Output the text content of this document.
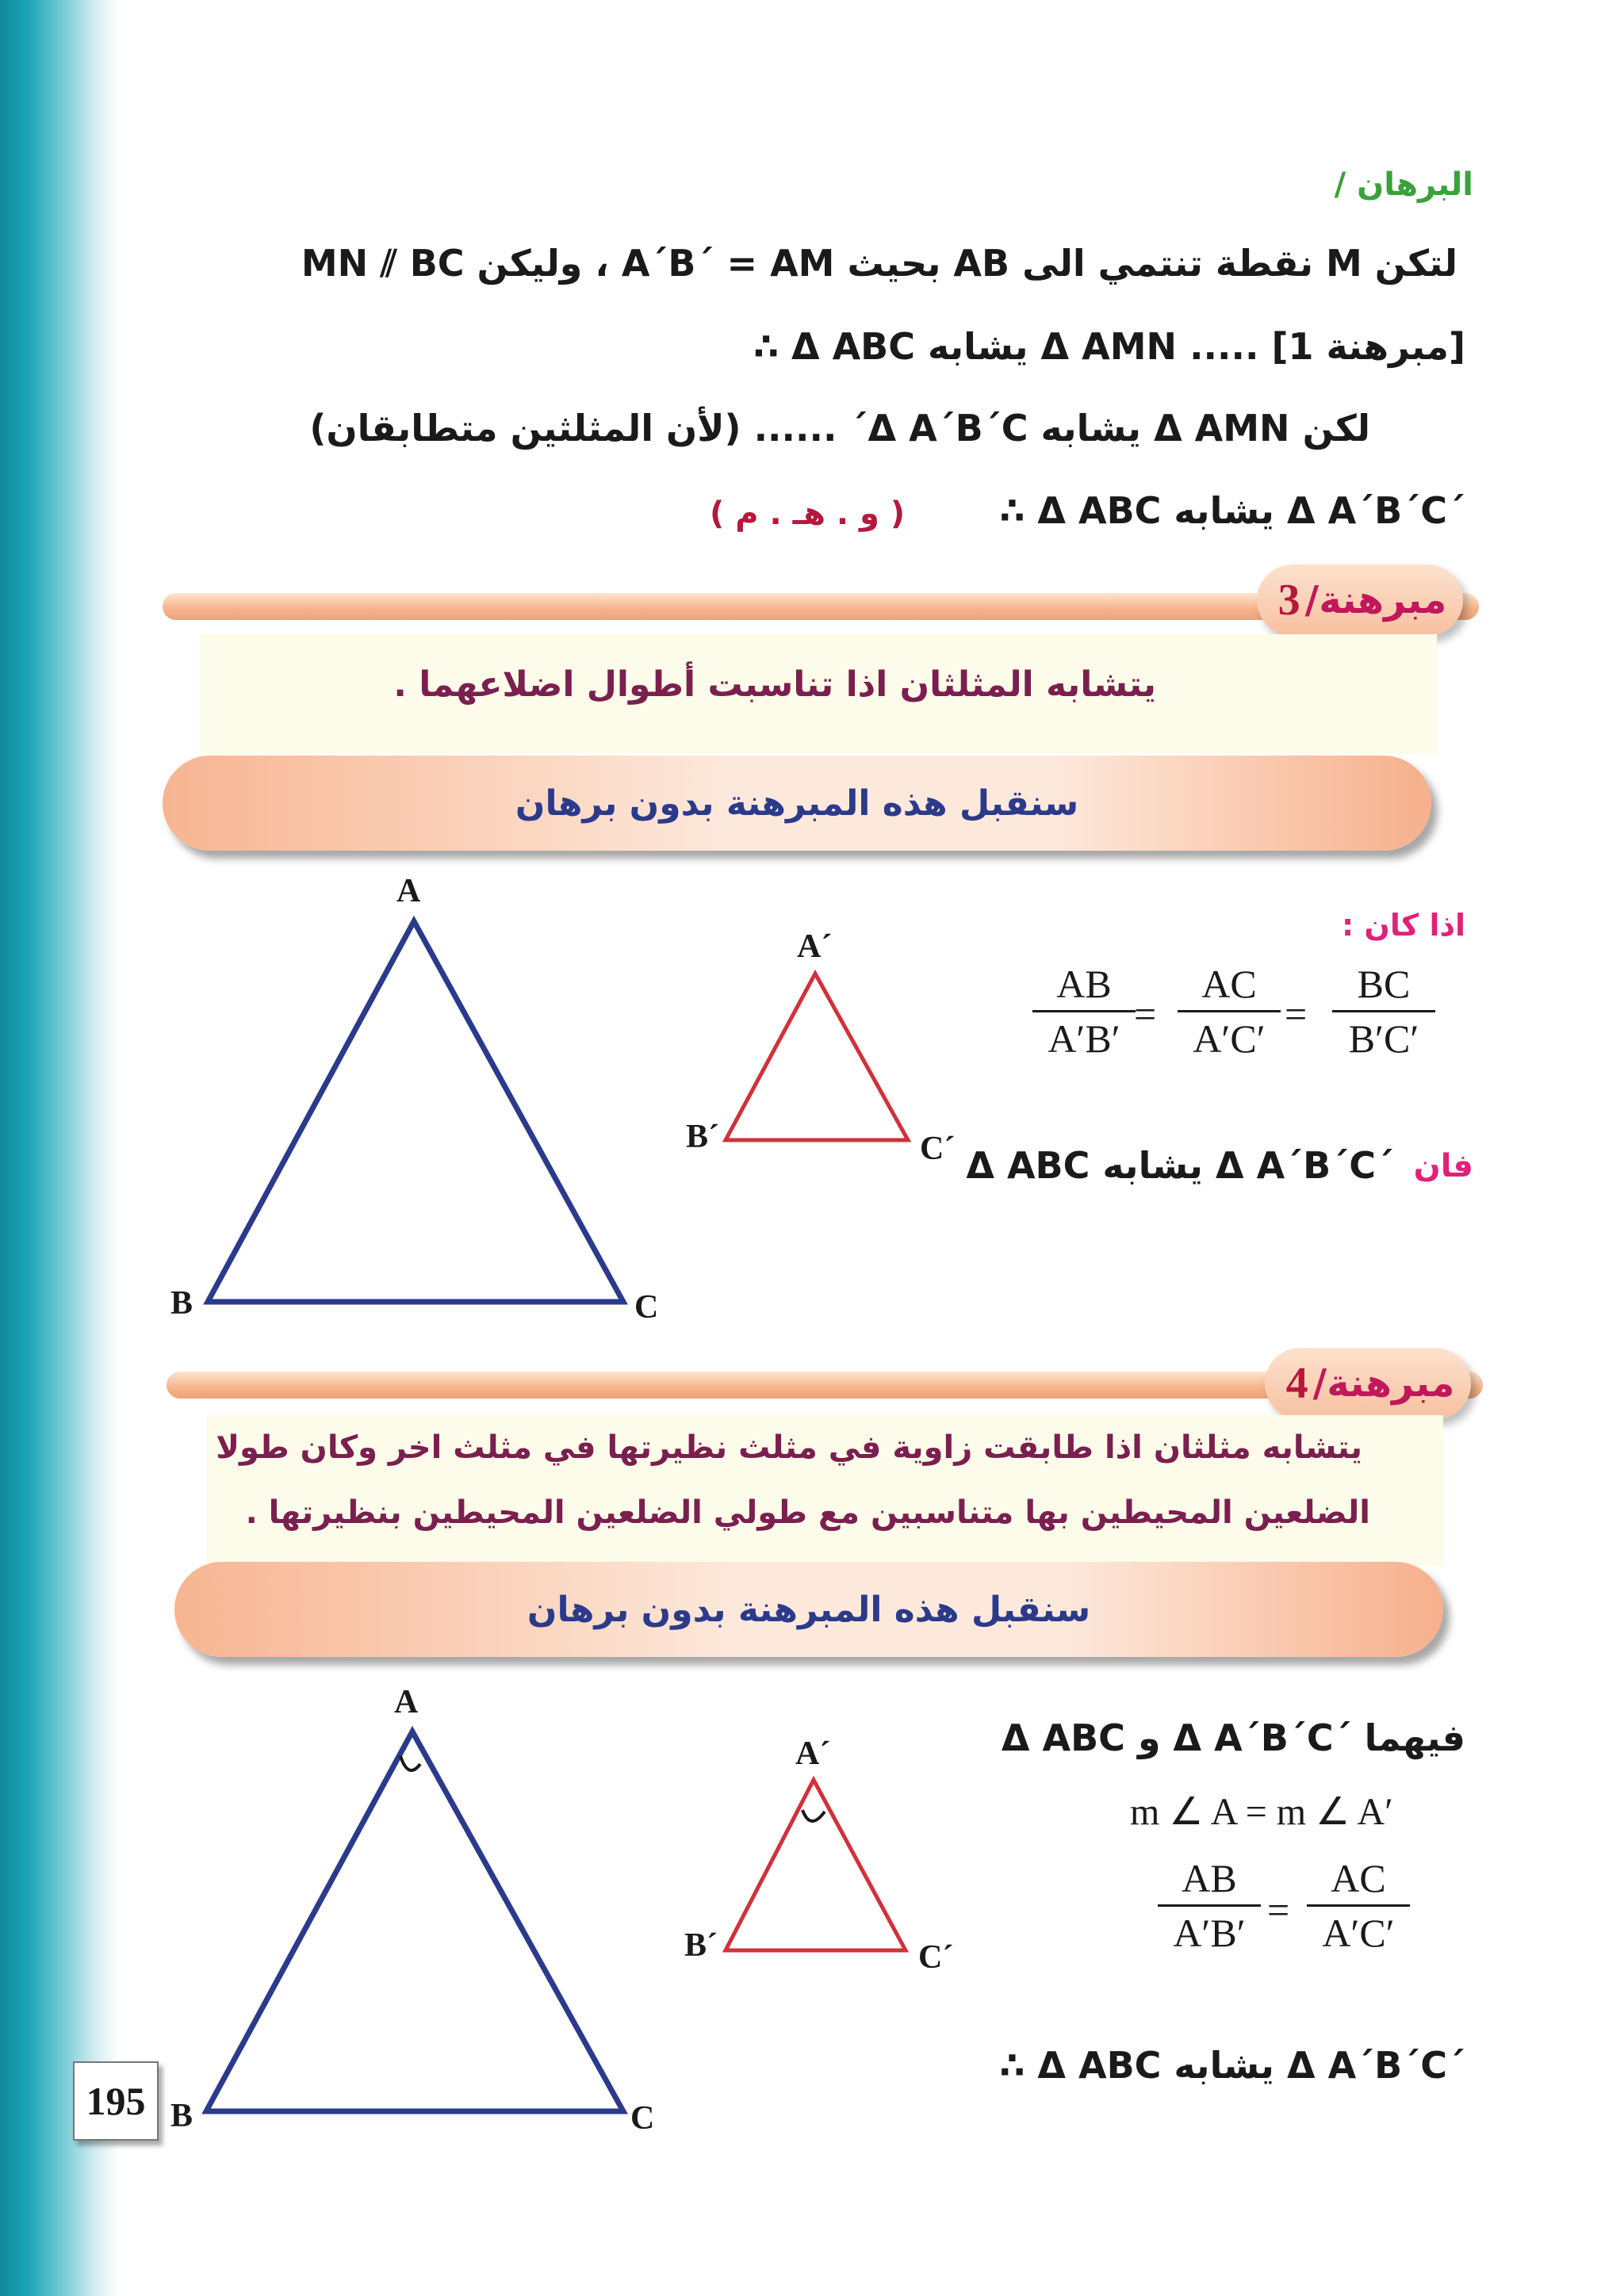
البرهان /
لتكن M نقطة تنتمي الى AB بحيث A´B´ = AM ، وليكن MN ⫽ BC
∴ Δ ABC يشابه Δ AMN ..... [مبرهنة 1]
لكن Δ AMN يشابه Δ A´B´C´ ...... (لأن المثلثين متطابقان)
∴ Δ ABC يشابه Δ A´B´C´
( و . هـ . م )
مبرهنة
/
3
يتشابه المثلثان اذا تناسبت أطوال اضلاعهما .
سنقبل هذه المبرهنة بدون برهان
A
B	C
A´
B´	C´
اذا كان :
$\frac{AB}{A'B'}$
= $\frac{AC}{A'C'} = \frac{BC}{B'C'}$
فان
Δ ABC يشابه Δ A´B´C´
مبرهنة
/
4
يتشابه مثلثان اذا طابقت زاوية في مثلث نظيرتها في مثلث اخر وكان طولا
الضلعين المحيطين بها متناسبين مع طولي الضلعين المحيطين بنظيرتها .
سنقبل هذه المبرهنة بدون برهان
A
B	C
A´
B´	C´
Δ ABC و Δ A´B´C´ فيهما
m ∠ A = m ∠ A′
$\frac{AB}{A'B'} = \frac{AC}{A'C'}$
∴ Δ ABC يشابه Δ A´B´C´
195
